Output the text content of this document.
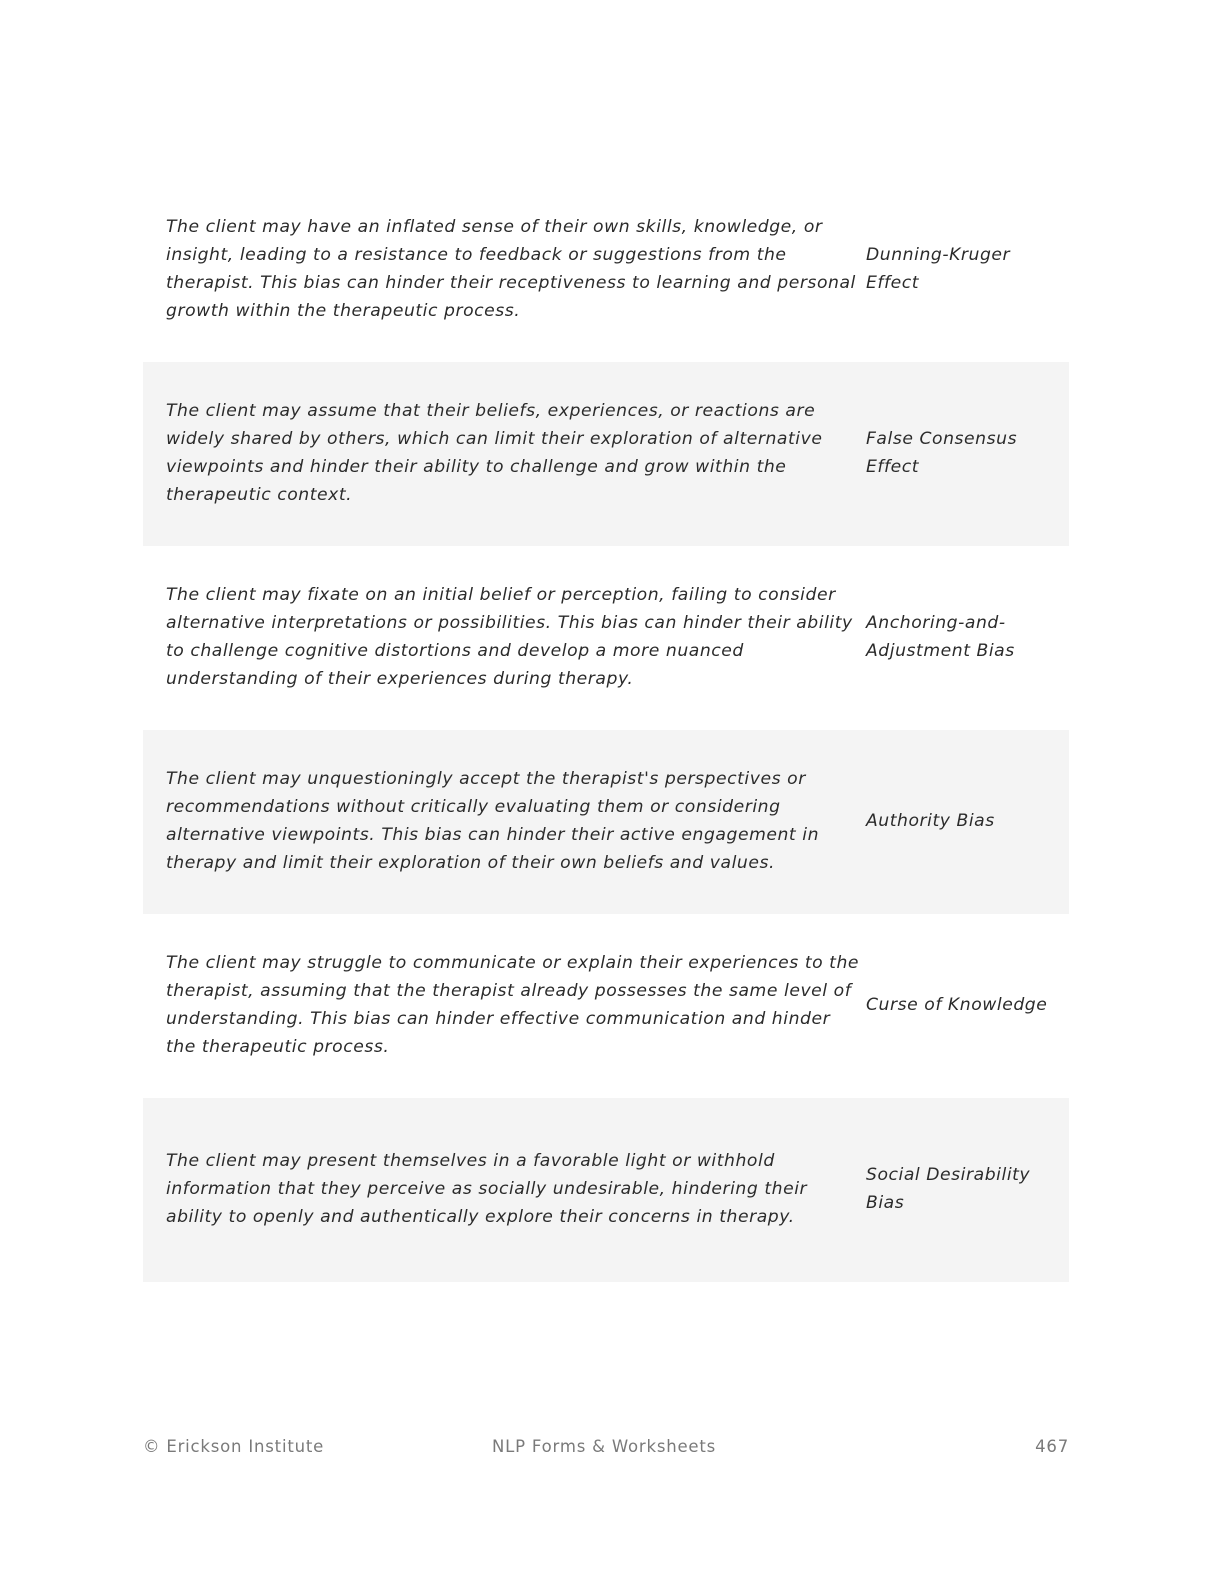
The client may have an inflated sense of their own skills, knowledge, or insight, leading to a resistance to feedback or suggestions from the therapist. This bias can hinder their receptiveness to learning and personal growth within the therapeutic process.
Dunning-Kruger Effect
The client may assume that their beliefs, experiences, or reactions are widely shared by others, which can limit their exploration of alternative viewpoints and hinder their ability to challenge and grow within the therapeutic context.
False Consensus Effect
The client may fixate on an initial belief or perception, failing to consider alternative interpretations or possibilities. This bias can hinder their ability to challenge cognitive distortions and develop a more nuanced understanding of their experiences during therapy.
Anchoring-and-Adjustment Bias
The client may unquestioningly accept the therapist's perspectives or recommendations without critically evaluating them or considering alternative viewpoints. This bias can hinder their active engagement in therapy and limit their exploration of their own beliefs and values.
Authority Bias
The client may struggle to communicate or explain their experiences to the therapist, assuming that the therapist already possesses the same level of understanding. This bias can hinder effective communication and hinder the therapeutic process.
Curse of Knowledge
The client may present themselves in a favorable light or withhold information that they perceive as socially undesirable, hindering their ability to openly and authentically explore their concerns in therapy.
Social Desirability Bias
© Erickson Institute	NLP Forms & Worksheets	467
